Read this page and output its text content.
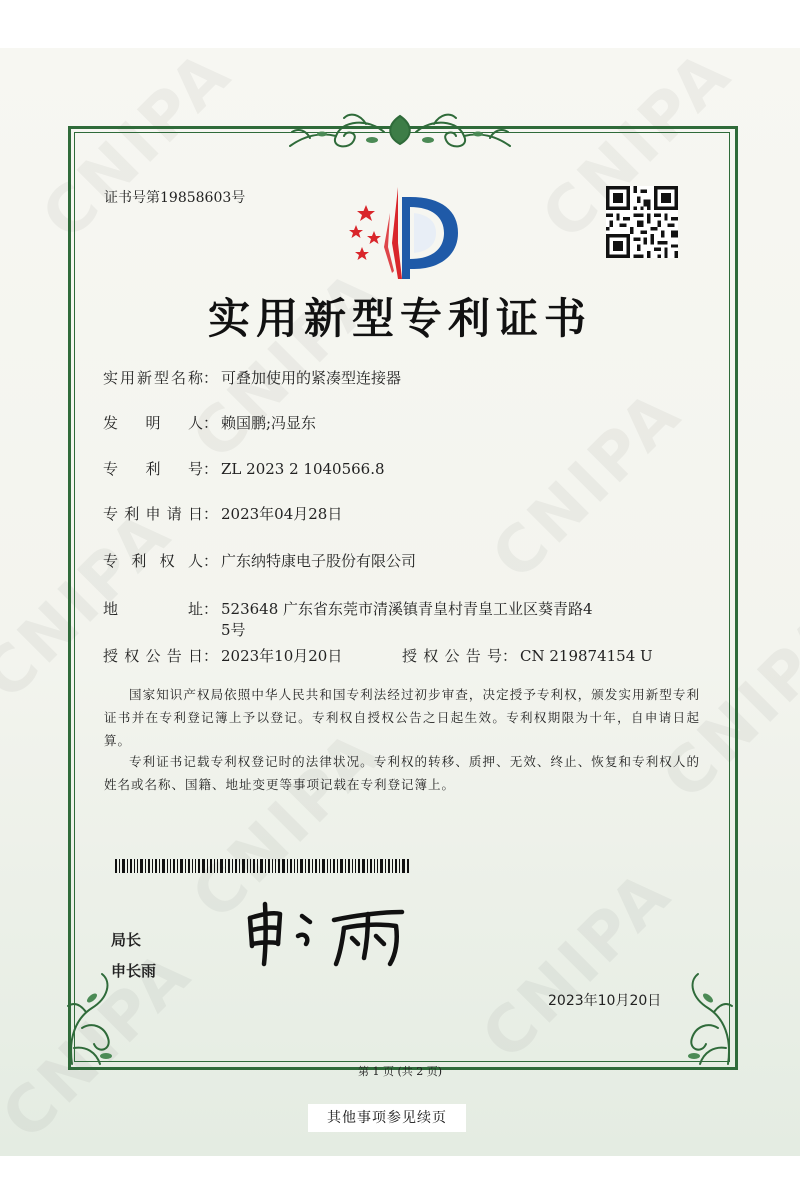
证书号第19858603号
实用新型专利证书
实用新型名称： 可叠加使用的紧凑型连接器
发明人： 赖国鹏;冯显东
专利号： ZL 2023 2 1040566.8
专利申请日： 2023年04月28日
专利权人： 广东纳特康电子股份有限公司
地址： 523648 广东省东莞市清溪镇青皇村青皇工业区葵青路4
5号
授权公告日： 2023年10月20日	授权公告号： CN 219874154 U
国家知识产权局依照中华人民共和国专利法经过初步审查，决定授予专利权，颁发实用新型专利证书并在专利登记簿上予以登记。专利权自授权公告之日起生效。专利权期限为十年，自申请日起算。
专利证书记载专利权登记时的法律状况。专利权的转移、质押、无效、终止、恢复和专利权人的姓名或名称、国籍、地址变更等事项记载在专利登记簿上。
局长
申长雨
2023年10月20日
第 1 页 (共 2 页)
其他事项参见续页
